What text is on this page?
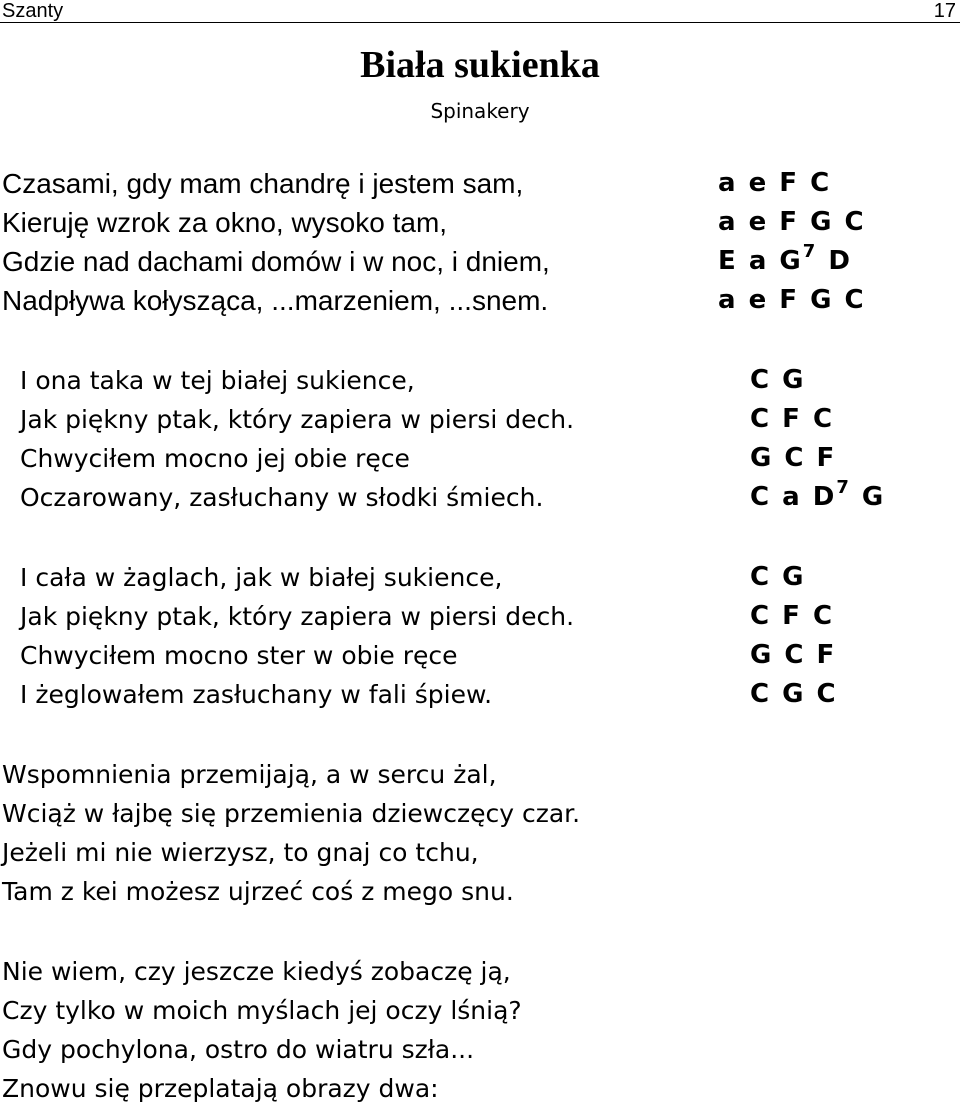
Szanty	17
Biała sukienka
Spinakery
Czasami, gdy mam chandrę i jestem sam,	a e F C
Kieruję wzrok za okno, wysoko tam,	a e F G C
Gdzie nad dachami domów i w noc, i dniem,	E a $G^7$ D
Nadpływa kołysząca, ...marzeniem, ...snem.	a e F G C
I ona taka w tej białej sukience,	C G
Jak piękny ptak, który zapiera w piersi dech.	C F C
Chwyciłem mocno jej obie ręce	G C F
Oczarowany, zasłuchany w słodki śmiech.	C a $D^7$ G
I cała w żaglach, jak w białej sukience,	C G
Jak piękny ptak, który zapiera w piersi dech.	C F C
Chwyciłem mocno ster w obie ręce	G C F
I żeglowałem zasłuchany w fali śpiew.	C G C
Wspomnienia przemijają, a w sercu żal,
Wciąż w łajbę się przemienia dziewczęcy czar.
Jeżeli mi nie wierzysz, to gnaj co tchu,
Tam z kei możesz ujrzeć coś z mego snu.
Nie wiem, czy jeszcze kiedyś zobaczę ją,
Czy tylko w moich myślach jej oczy lśnią?
Gdy pochylona, ostro do wiatru szła...
Znowu się przeplatają obrazy dwa:
